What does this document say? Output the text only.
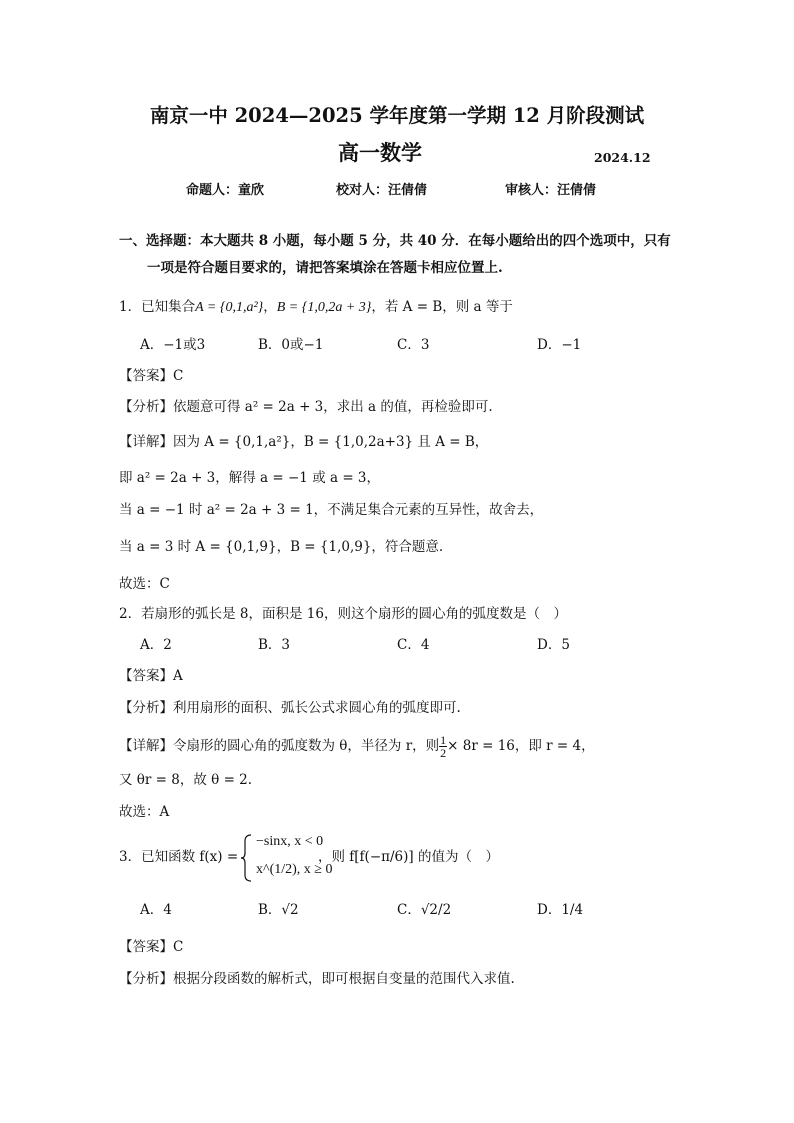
南京一中 2024—2025 学年度第一学期 12 月阶段测试
高一数学	2024.12
命题人：童欣	校对人：汪倩倩	审核人：汪倩倩
一、选择题：本大题共 8 小题，每小题 5 分，共 40 分．在每小题给出的四个选项中，只有
一项是符合题目要求的，请把答案填涂在答题卡相应位置上.
1．已知集合A = {0,1,a²}，B = {1,0,2a + 3}，若 A = B，则 a 等于
A．−1或3	B．0或−1	C．3	D．−1
【答案】C
【分析】依题意可得 a² = 2a + 3，求出 a 的值，再检验即可.
【详解】因为 A = {0,1,a²}，B = {1,0,2a+3} 且 A = B，
即 a² = 2a + 3，解得 a = −1 或 a = 3，
当 a = −1 时 a² = 2a + 3 = 1，不满足集合元素的互异性，故舍去，
当 a = 3 时 A = {0,1,9}，B = {1,0,9}，符合题意.
故选：C
2．若扇形的弧长是 8，面积是 16，则这个扇形的圆心角的弧度数是（　）
A．2	B．3	C．4	D．5
【答案】A
【分析】利用扇形的面积、弧长公式求圆心角的弧度即可.
【详解】令扇形的圆心角的弧度数为 θ，半径为 r，则 $\frac{1}{2} \times 8r = 16$，即 r = 4，
又 θr = 8，故 θ = 2.
故选：A
3．已知函数 f(x) =
−sinx, x < 0
x^(1/2), x ≥ 0
，则 f[f(−π/6)] 的值为（　）
A．4	B．√2	C．√2/2	D．1/4
【答案】C
【分析】根据分段函数的解析式，即可根据自变量的范围代入求值.
